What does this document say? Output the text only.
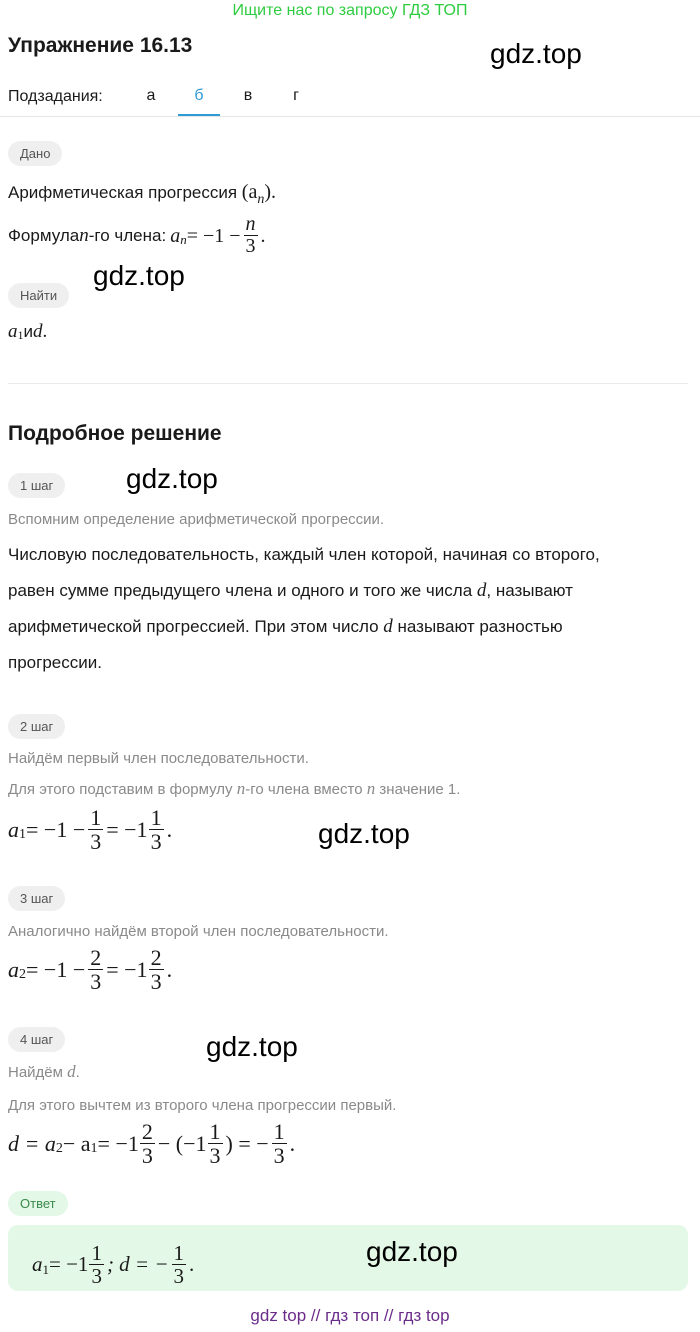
Ищите нас по запросу ГДЗ ТОП
Упражнение 16.13	gdz.top
Подзадания:	а	б	в	г
Дано
Арифметическая прогрессия $(a_n)$.
Формула n -го члена: $a_n = -1 - \frac{n}{3}$ .
gdz.top
Найти
$a_1$ и d .
Подробное решение
1 шаг	gdz.top
Вспомним определение арифметической прогрессии.
Числовую последовательность, каждый член которой, начиная со второго,
равен сумме предыдущего члена и одного и того же числа d, называют
арифметической прогрессией. При этом число d называют разностью
прогрессии.
2 шаг
Найдём первый член последовательности.
Для этого подставим в формулу n-го члена вместо n значение 1.
$a_1 = -1 - \frac{1}{3} = -1 \frac{1}{3}$ .	gdz.top
3 шаг
Аналогично найдём второй член последовательности.
$a_2 = -1 - \frac{2}{3} = -1 \frac{2}{3}$ .
4 шаг	gdz.top
Найдём d.
Для этого вычтем из второго члена прогрессии первый.
$d = a_2 - a_1 = -1 \frac{2}{3} - (-1 \frac{1}{3}$ ) = − $\frac{1}{3}$ .
Ответ
gdz.top
$a_1 = -1 \frac{1}{3}$ ; d = − $\frac{1}{3}$ .
gdz top // гдз топ // гдз top
